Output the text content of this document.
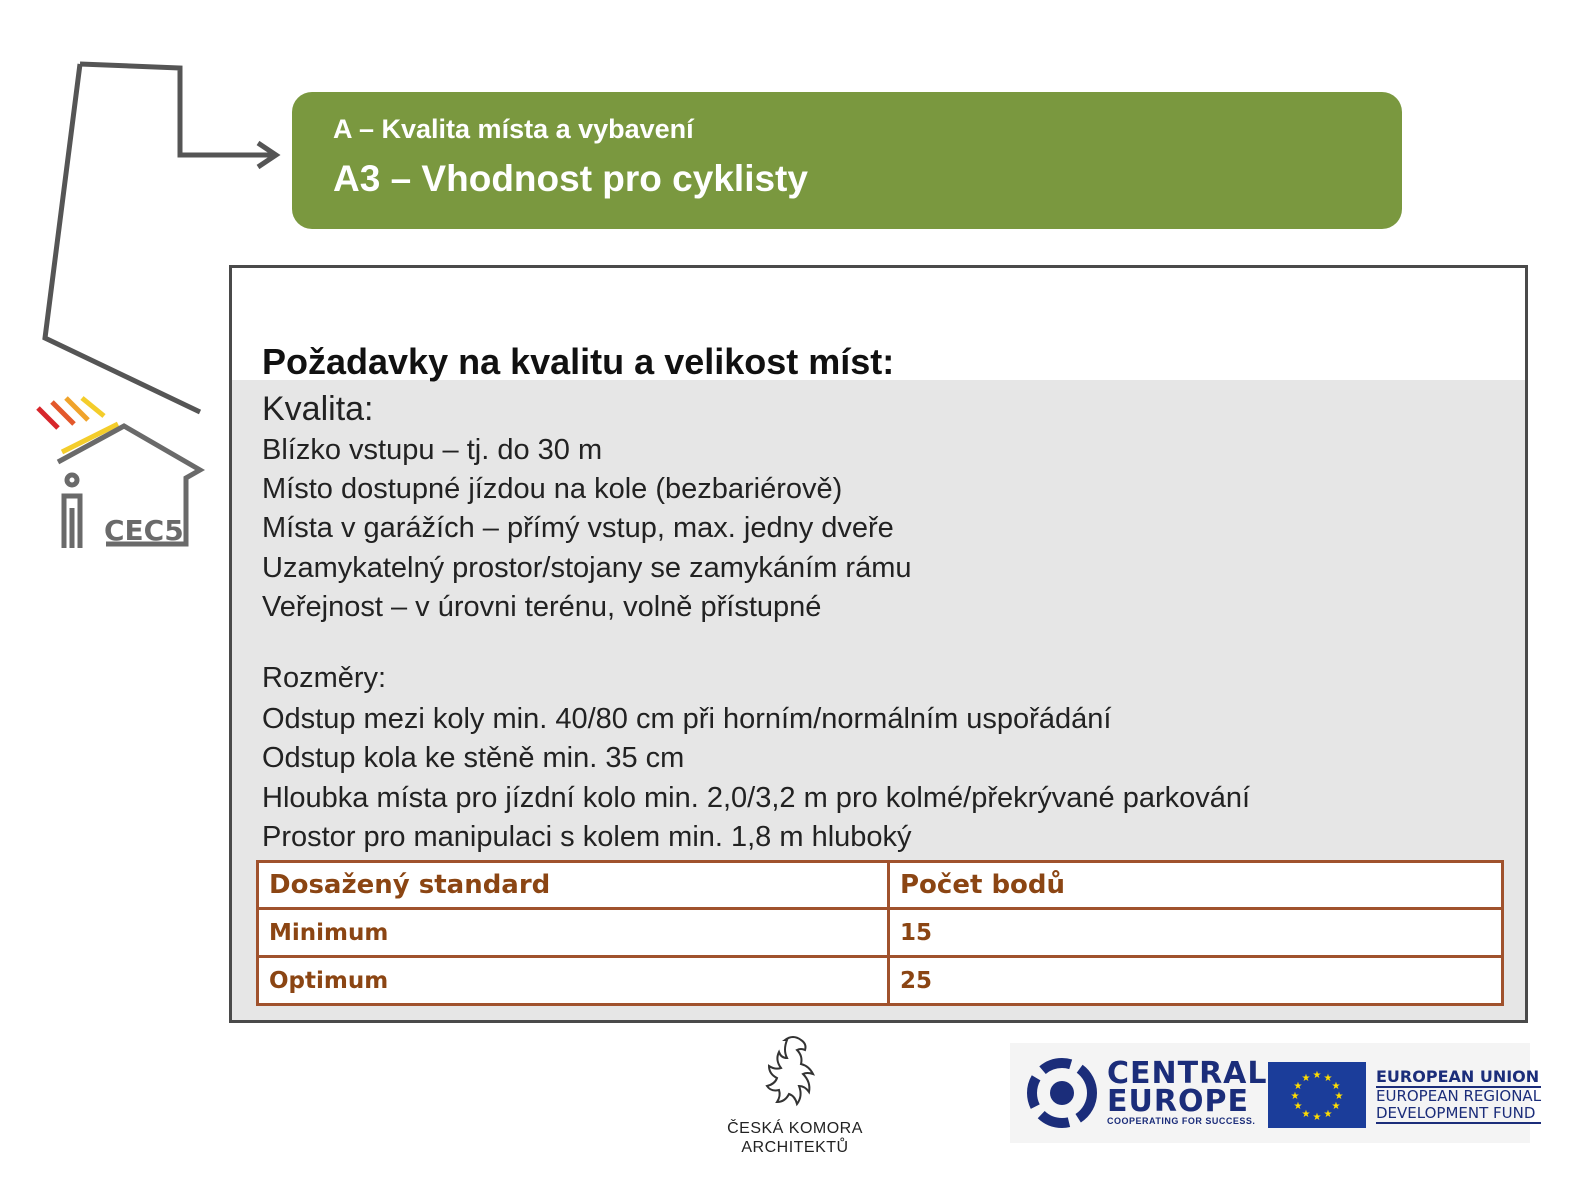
CEC5
A – Kvalita místa a vybavení
A3 – Vhodnost pro cyklisty
Požadavky na kvalitu a velikost míst:
Kvalita:
Blízko vstupu – tj. do 30 m
Místo dostupné jízdou na kole (bezbariérově)
Místa v garážích – přímý vstup, max. jedny dveře
Uzamykatelný prostor/stojany se zamykáním rámu
Veřejnost – v úrovni terénu, volně přístupné
Rozměry:
Odstup mezi koly min. 40/80 cm při horním/normálním uspořádání
Odstup kola ke stěně min. 35 cm
Hloubka místa pro jízdní kolo min. 2,0/3,2 m pro kolmé/překrývané parkování
Prostor pro manipulaci s kolem min. 1,8 m hluboký
Dosažený standard	Počet bodů
Minimum	15
Optimum	25
ČESKÁ KOMORA
ARCHITEKTŮ
CENTRAL
EUROPE
COOPERATING FOR SUCCESS.
★ ★
★
★
★
★
★
★
★
★
★
★	EUROPEAN UNION
EUROPEAN REGIONAL
DEVELOPMENT FUND
